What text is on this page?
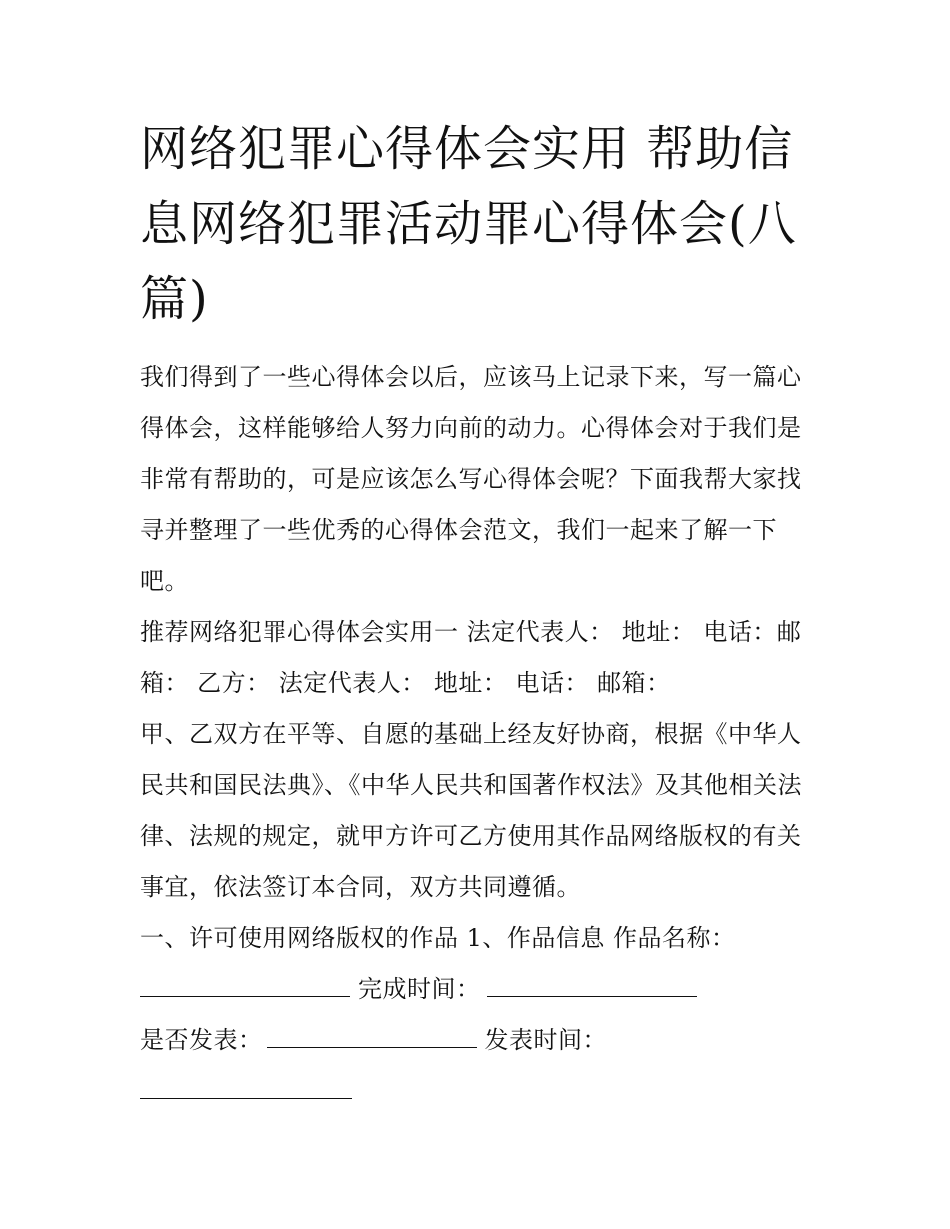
网络犯罪心得体会实用 帮助信息网络犯罪活动罪心得体会(八篇)

我们得到了一些心得体会以后，应该马上记录下来，写一篇心得体会，这样能够给人努力向前的动力。心得体会对于我们是非常有帮助的，可是应该怎么写心得体会呢？下面我帮大家找寻并整理了一些优秀的心得体会范文，我们一起来了解一下吧。

推荐网络犯罪心得体会实用一 法定代表人： 地址： 电话：邮箱： 乙方： 法定代表人： 地址： 电话： 邮箱：

甲、乙双方在平等、自愿的基础上经友好协商，根据《中华人民共和国民法典》、《中华人民共和国著作权法》及其他相关法律、法规的规定，就甲方许可乙方使用其作品网络版权的有关事宜，依法签订本合同，双方共同遵循。

一、许可使用网络版权的作品 1、作品信息 作品名称：

完成时间：

是否发表：	发表时间：
